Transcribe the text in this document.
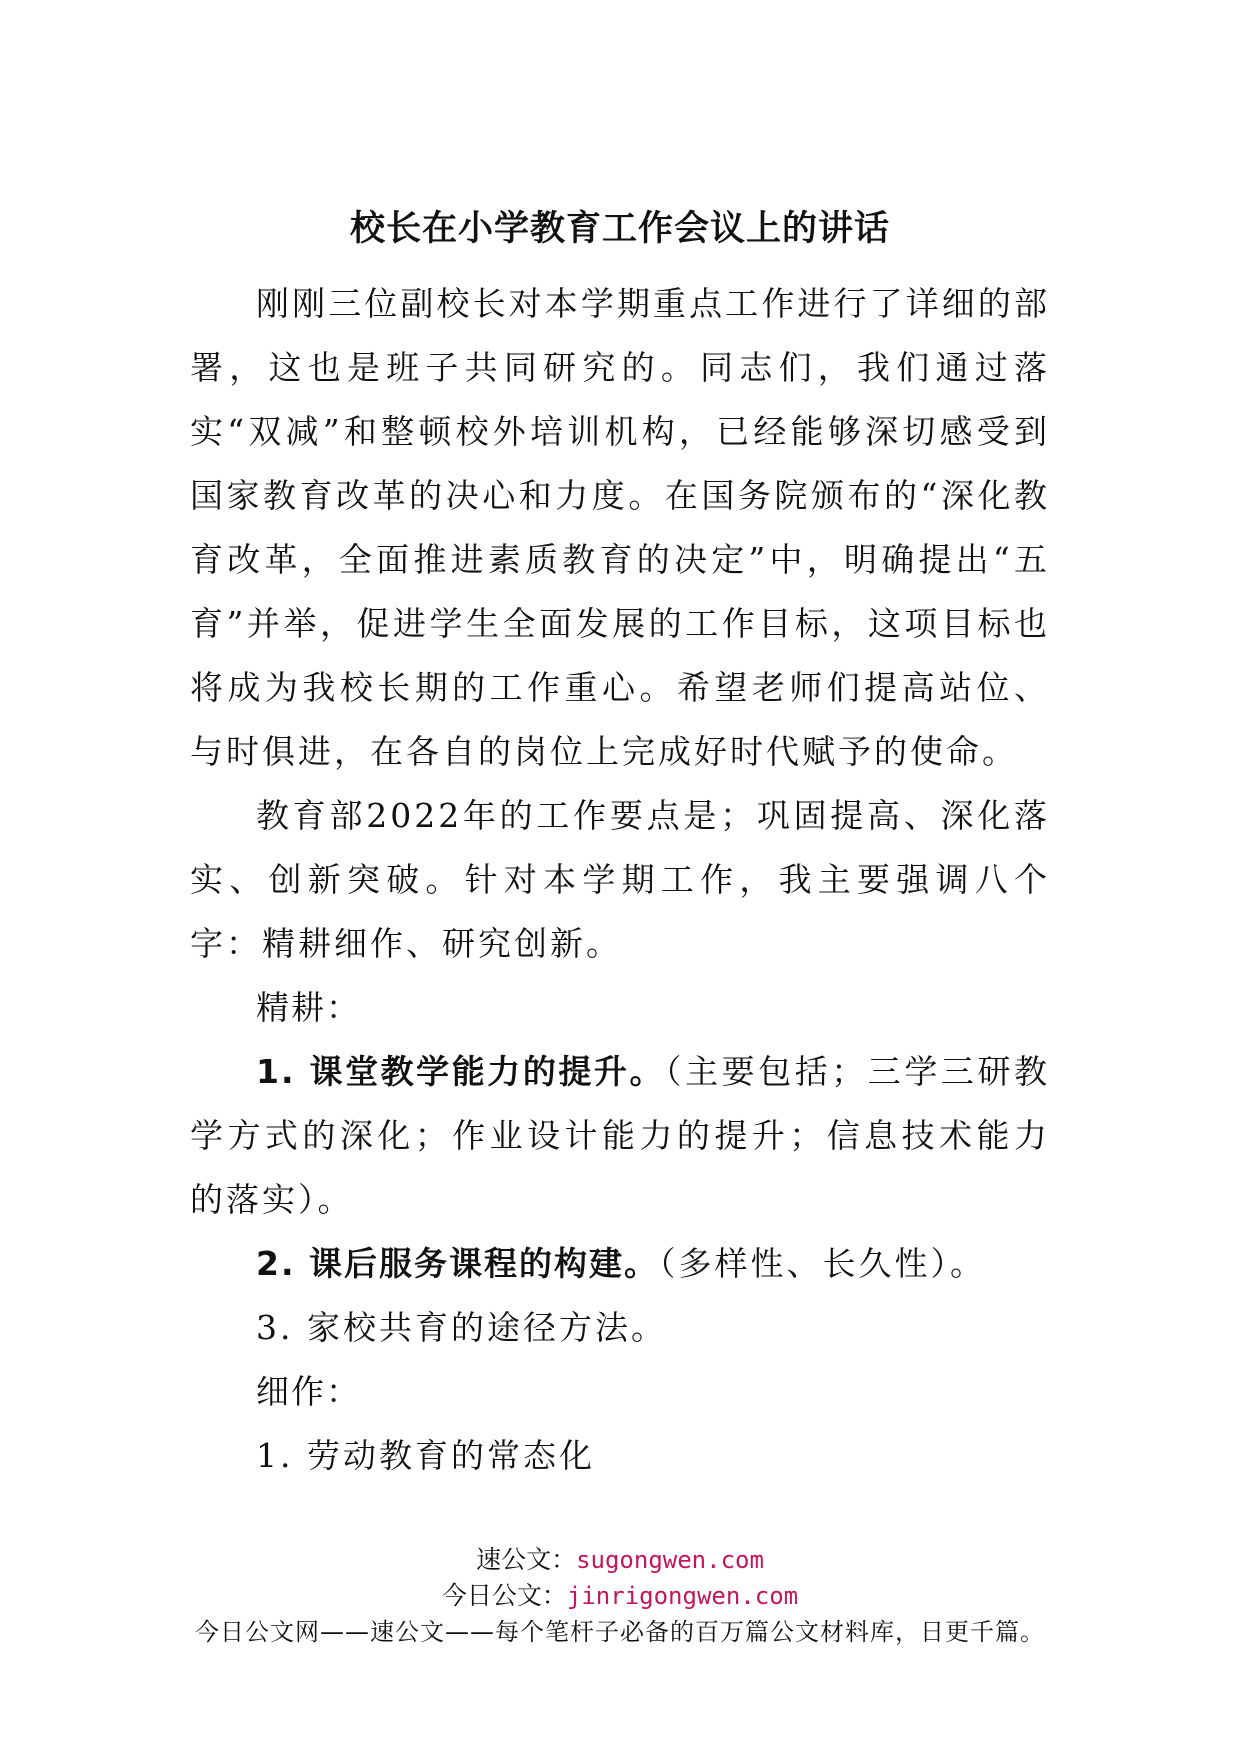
校长在小学教育工作会议上的讲话

刚刚三位副校长对本学期重点工作进行了详细的部署，这也是班子共同研究的。同志们，我们通过落实“双减”和整顿校外培训机构，已经能够深切感受到国家教育改革的决心和力度。在国务院颁布的“深化教育改革，全面推进素质教育的决定”中，明确提出“五育”并举，促进学生全面发展的工作目标，这项目标也将成为我校长期的工作重心。希望老师们提高站位、与时俱进，在各自的岗位上完成好时代赋予的使命。

教育部2022年的工作要点是；巩固提高、深化落实、创新突破。针对本学期工作，我主要强调八个字：精耕细作、研究创新。

精耕：

1. 课堂教学能力的提升。（主要包括；三学三研教学方式的深化；作业设计能力的提升；信息技术能力的落实）。

2. 课后服务课程的构建。（多样性、长久性）。

3. 家校共育的途径方法。

细作：

1. 劳动教育的常态化

速公文：sugongwen.com
今日公文：jinrigongwen.com
今日公文网——速公文——每个笔杆子必备的百万篇公文材料库，日更千篇。
